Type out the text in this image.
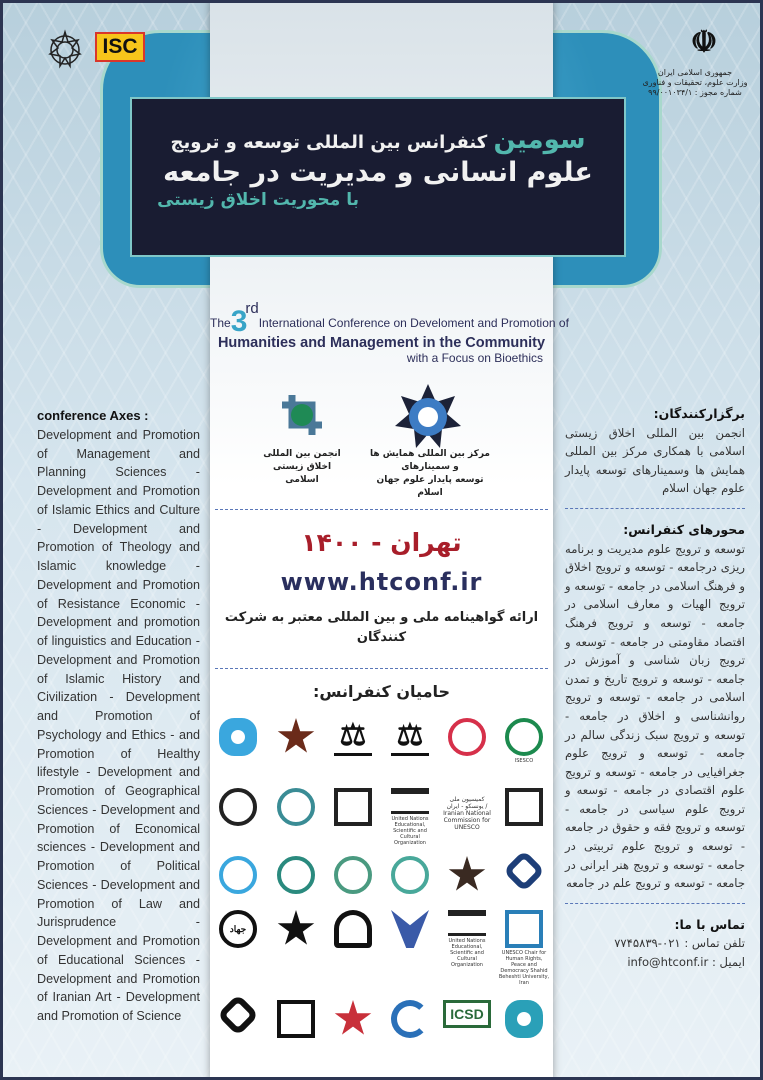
ISC	☫
جمهوری اسلامی ایران
وزارت علوم، تحقیقات و فناوری
شماره مجوز : ۹۹/۰۰۱۰۳۴/۱
سومین کنفرانس بین المللی توسعه و ترویج
علوم انسانی و مدیریت در جامعه
با محوریت اخلاق زیستی
The3rdInternational Conference on Develoment and Promotion of
Humanities and Management in the Community
with a Focus on Bioethics
انجمن بین المللی
اخلاق زیستی اسلامی
مرکز بین المللی همایش ها و سمینارهای
توسعه پایدار علوم جهان اسلام
تهران - ۱۴۰۰
www.htconf.ir
ارائه گواهینامه ملی و بین المللی معتبر به شرکت کنندگان
حامیان کنفرانس:
⚖ ⚖
ISESCO
United Nations Educational, Scientific and Cultural Organization
کمیسیون ملی یونسکو - ایران / Iranian National Commission for UNESCO
جهاد
United Nations Educational, Scientific and Cultural Organization
UNESCO Chair for Human Rights, Peace and Democracy Shahid Beheshti University, Iran
ICSD
conference Axes :

Development and Promotion of Management and Planning Sciences - Development and Promotion of Islamic Ethics and Culture - Development and Promotion of Theology and Islamic knowledge - Development and Promotion of Resistance Economic - Development and promotion of linguistics and Education - Development and Promotion of Islamic History and Civilization - Development and Promotion of Psychology and Ethics - and Promotion of Healthy lifestyle - Development and Promotion of Geographical Sciences - Development and Promotion of Economical sciences - Development and Promotion of Political Sciences - Development and Promotion of Law and Jurisprudence - Development and Promotion of Educational Sciences - Development and Promotion of Iranian Art - Development and Promotion of Science

برگزارکنندگان:

انجمن بین المللی اخلاق زیستی اسلامی با همکاری مرکز بین المللی همایش ها وسمینارهای توسعه پایدار علوم جهان اسلام

محورهای کنفرانس:

توسعه و ترویج علوم مدیریت و برنامه ریزی درجامعه - توسعه و ترویج اخلاق و فرهنگ اسلامی در جامعه - توسعه و ترویج الهیات و معارف اسلامی در جامعه - توسعه و ترویج فرهنگ اقتصاد مقاومتی در جامعه - توسعه و ترویج زبان شناسی و آموزش در جامعه - توسعه و ترویج تاریخ و تمدن اسلامی در جامعه - توسعه و ترویج روانشناسی و اخلاق در جامعه - توسعه و ترویج سبک زندگی سالم در جامعه - توسعه و ترویج علوم جغرافیایی در جامعه - توسعه و ترویج علوم اقتصادی در جامعه - توسعه و ترویج علوم سیاسی در جامعه - توسعه و ترویج فقه و حقوق در جامعه - توسعه و ترویج علوم تربیتی در جامعه - توسعه و ترویج هنر ایرانی در جامعه - توسعه و ترویج علم در جامعه

تماس با ما:

تلفن تماس : ۰۲۱-۷۷۴۵۸۳۹

ایمیل : info@htconf.ir
